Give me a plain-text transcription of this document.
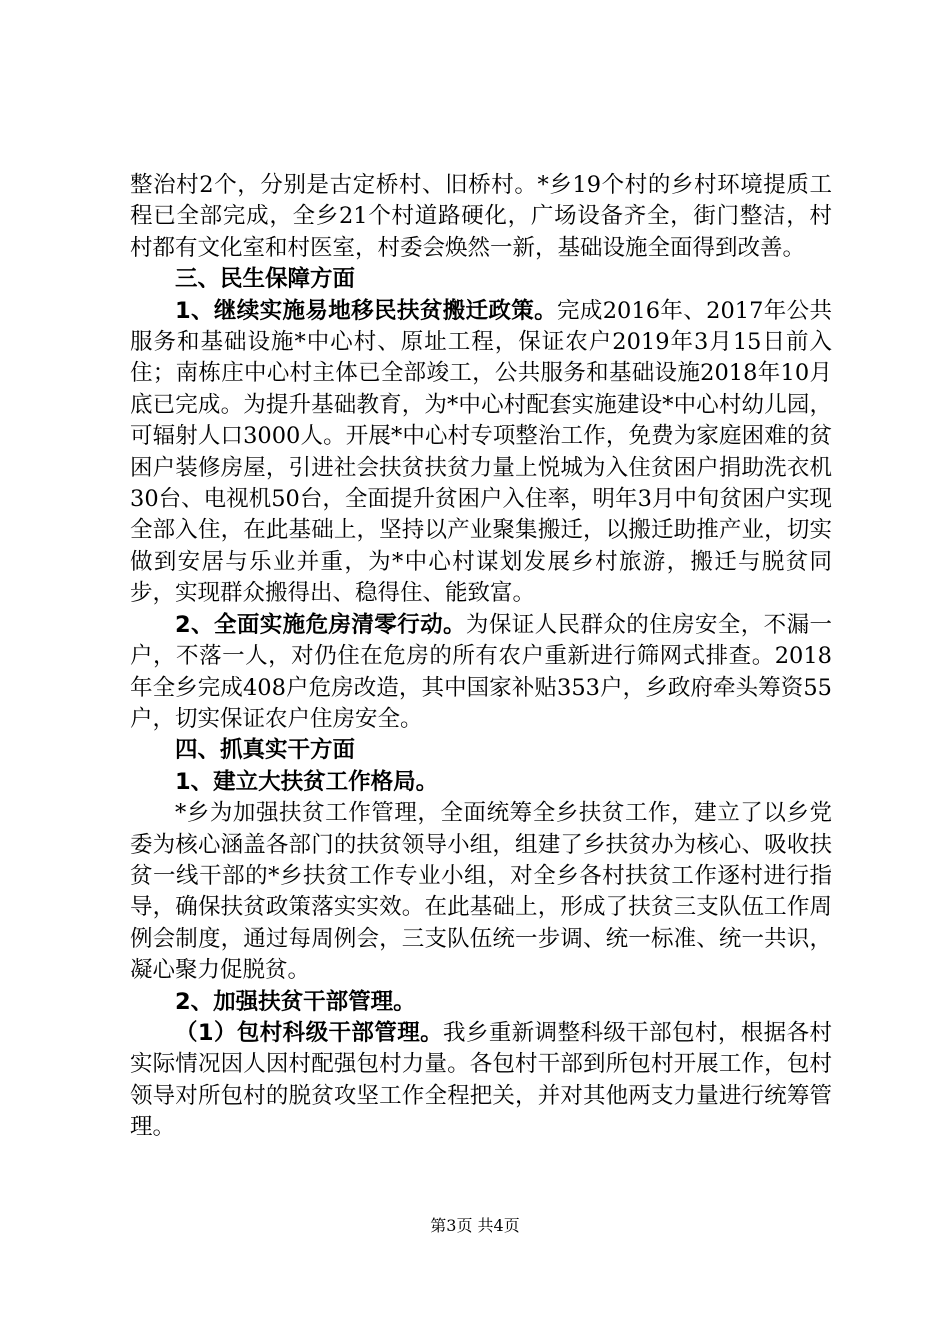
整治村2个，分别是古定桥村、旧桥村。*乡19个村的乡村环境提质工程已全部完成，全乡21个村道路硬化，广场设备齐全，街门整洁，村村都有文化室和村医室，村委会焕然一新，基础设施全面得到改善。

三、民生保障方面

1、继续实施易地移民扶贫搬迁政策。完成2016年、2017年公共服务和基础设施*中心村、原址工程，保证农户2019年3月15日前入住；南栋庄中心村主体已全部竣工，公共服务和基础设施2018年10月底已完成。为提升基础教育，为*中心村配套实施建设*中心村幼儿园，可辐射人口3000人。开展*中心村专项整治工作，免费为家庭困难的贫困户装修房屋，引进社会扶贫扶贫力量上悦城为入住贫困户捐助洗衣机30台、电视机50台，全面提升贫困户入住率，明年3月中旬贫困户实现全部入住，在此基础上，坚持以产业聚集搬迁，以搬迁助推产业，切实做到安居与乐业并重，为*中心村谋划发展乡村旅游，搬迁与脱贫同步，实现群众搬得出、稳得住、能致富。

2、全面实施危房清零行动。为保证人民群众的住房安全，不漏一户，不落一人，对仍住在危房的所有农户重新进行筛网式排查。2018年全乡完成408户危房改造，其中国家补贴353户，乡政府牵头筹资55户，切实保证农户住房安全。

四、抓真实干方面

1、建立大扶贫工作格局。

*乡为加强扶贫工作管理，全面统筹全乡扶贫工作，建立了以乡党委为核心涵盖各部门的扶贫领导小组，组建了乡扶贫办为核心、吸收扶贫一线干部的*乡扶贫工作专业小组，对全乡各村扶贫工作逐村进行指导，确保扶贫政策落实实效。在此基础上，形成了扶贫三支队伍工作周例会制度，通过每周例会，三支队伍统一步调、统一标准、统一共识，凝心聚力促脱贫。

2、加强扶贫干部管理。

（1）包村科级干部管理。我乡重新调整科级干部包村，根据各村实际情况因人因村配强包村力量。各包村干部到所包村开展工作，包村领导对所包村的脱贫攻坚工作全程把关，并对其他两支力量进行统筹管理。

第3页 共4页
